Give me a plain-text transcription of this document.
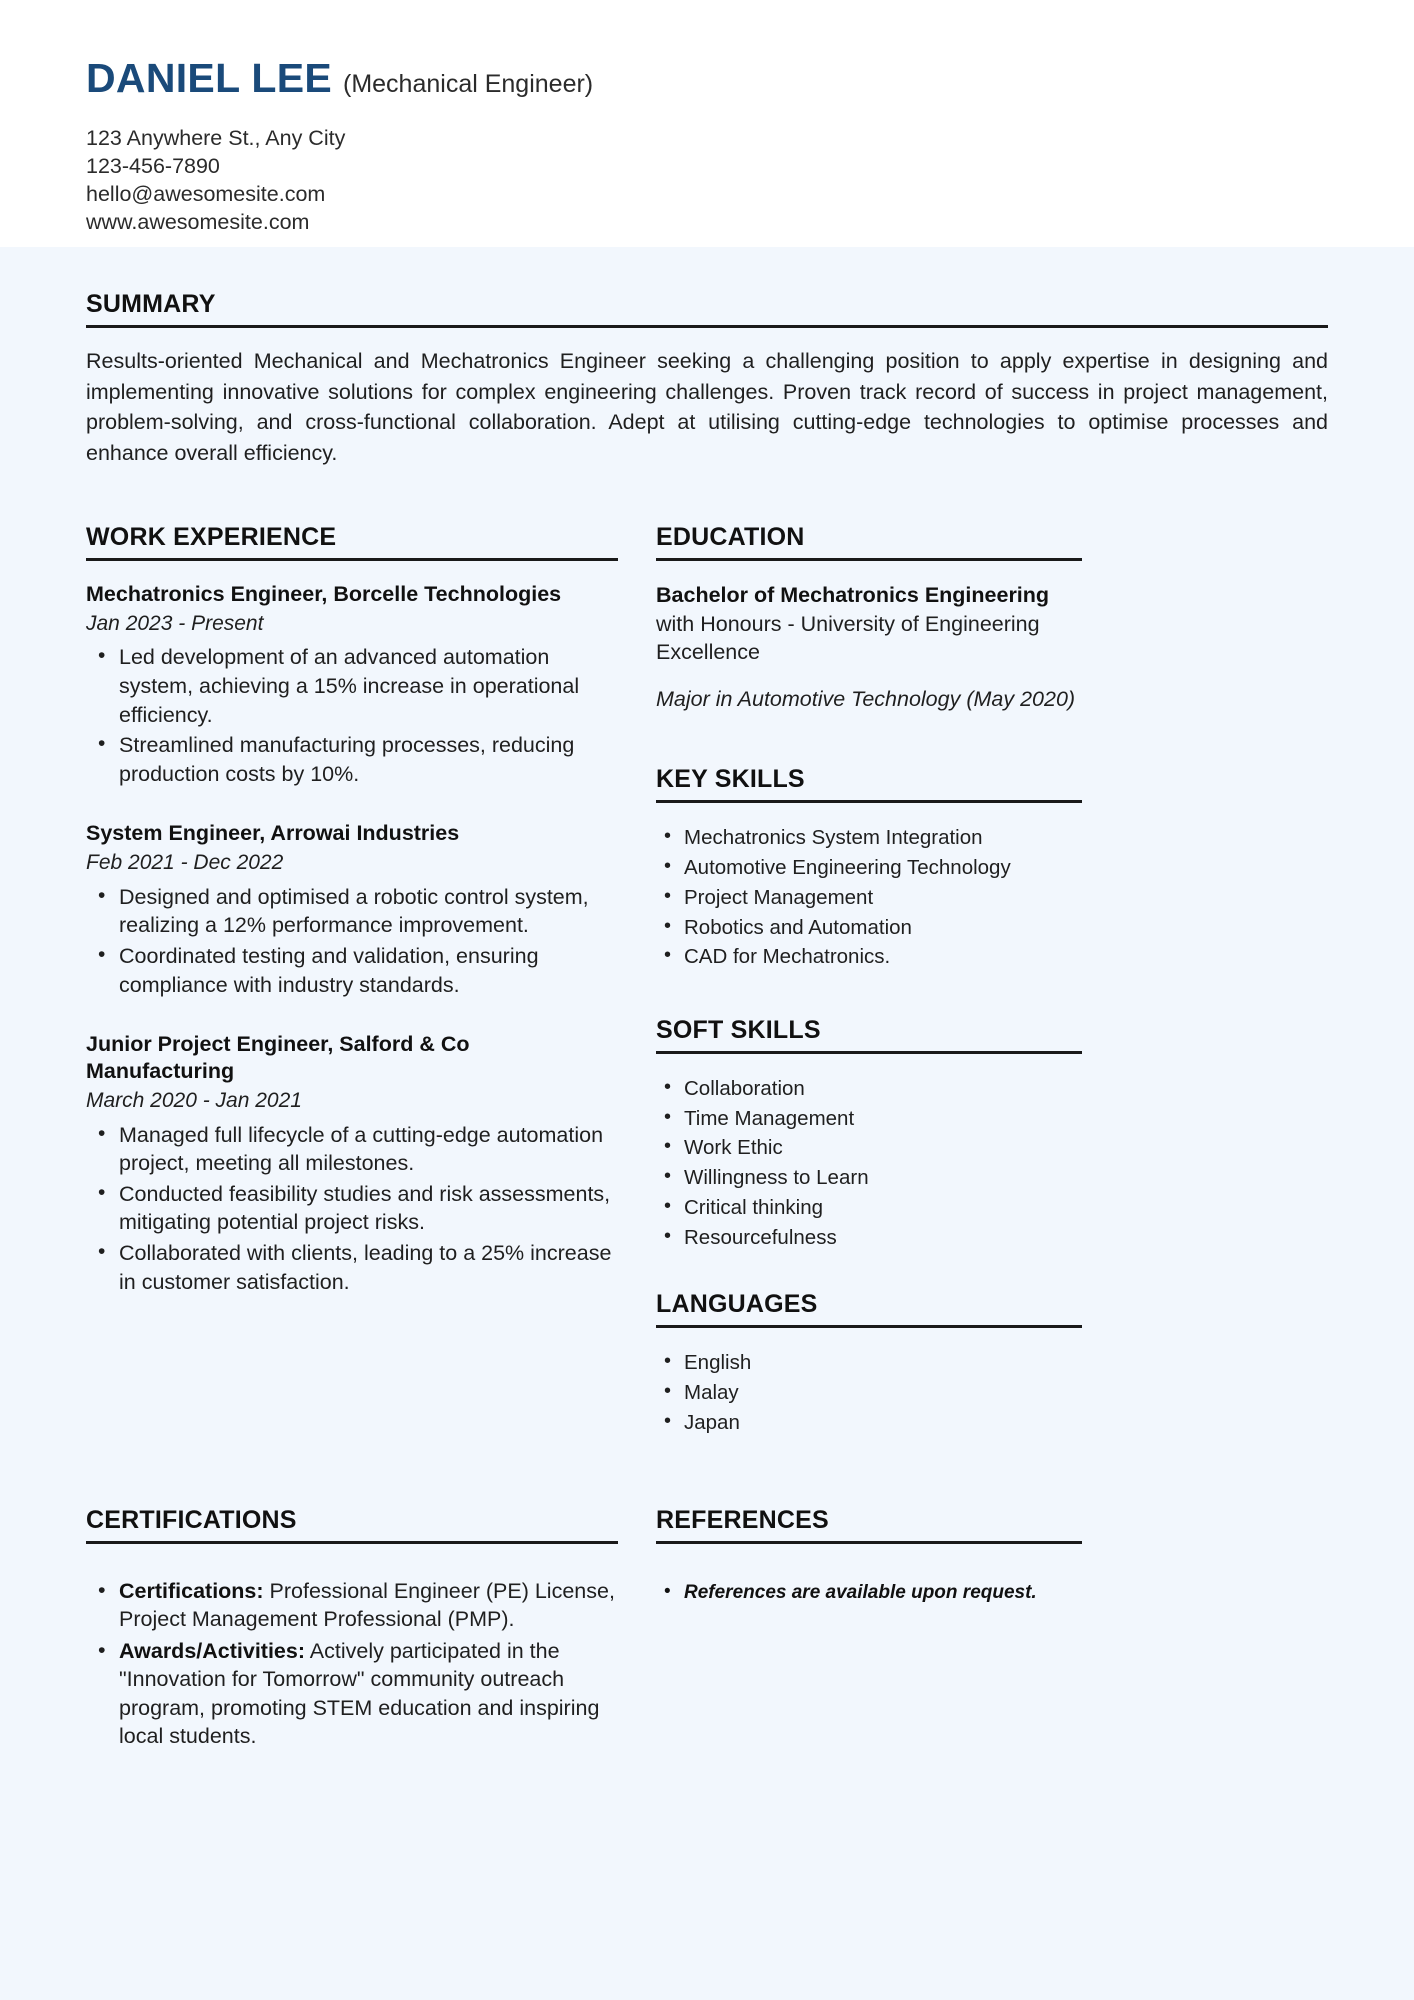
DANIEL LEE (Mechanical Engineer)
123 Anywhere St., Any City
123-456-7890
hello@awesomesite.com
www.awesomesite.com
SUMMARY

Results-oriented Mechanical and Mechatronics Engineer seeking a challenging position to apply expertise in designing and implementing innovative solutions for complex engineering challenges. Proven track record of success in project management, problem-solving, and cross-functional collaboration. Adept at utilising cutting-edge technologies to optimise processes and enhance overall efficiency.

WORK EXPERIENCE
Mechatronics Engineer, Borcelle Technologies
Jan 2023 - Present
• Led development of an advanced automation system, achieving a 15% increase in operational efficiency.
• Streamlined manufacturing processes, reducing production costs by 10%.
System Engineer, Arrowai Industries
Feb 2021 - Dec 2022
• Designed and optimised a robotic control system, realizing a 12% performance improvement.
• Coordinated testing and validation, ensuring compliance with industry standards.
Junior Project Engineer, Salford & Co Manufacturing
March 2020 - Jan 2021
• Managed full lifecycle of a cutting-edge automation project, meeting all milestones.
• Conducted feasibility studies and risk assessments, mitigating potential project risks.
• Collaborated with clients, leading to a 25% increase in customer satisfaction.
EDUCATION
Bachelor of Mechatronics Engineering with Honours - University of Engineering Excellence
Major in Automotive Technology (May 2020)
KEY SKILLS
• Mechatronics System Integration
• Automotive Engineering Technology
• Project Management
• Robotics and Automation
• CAD for Mechatronics.
SOFT SKILLS
• Collaboration
• Time Management
• Work Ethic
• Willingness to Learn
• Critical thinking
• Resourcefulness
LANGUAGES
• English
• Malay
• Japan
CERTIFICATIONS
• Certifications: Professional Engineer (PE) License, Project Management Professional (PMP).
• Awards/Activities: Actively participated in the "Innovation for Tomorrow" community outreach program, promoting STEM education and inspiring local students.
REFERENCES
• References are available upon request.
